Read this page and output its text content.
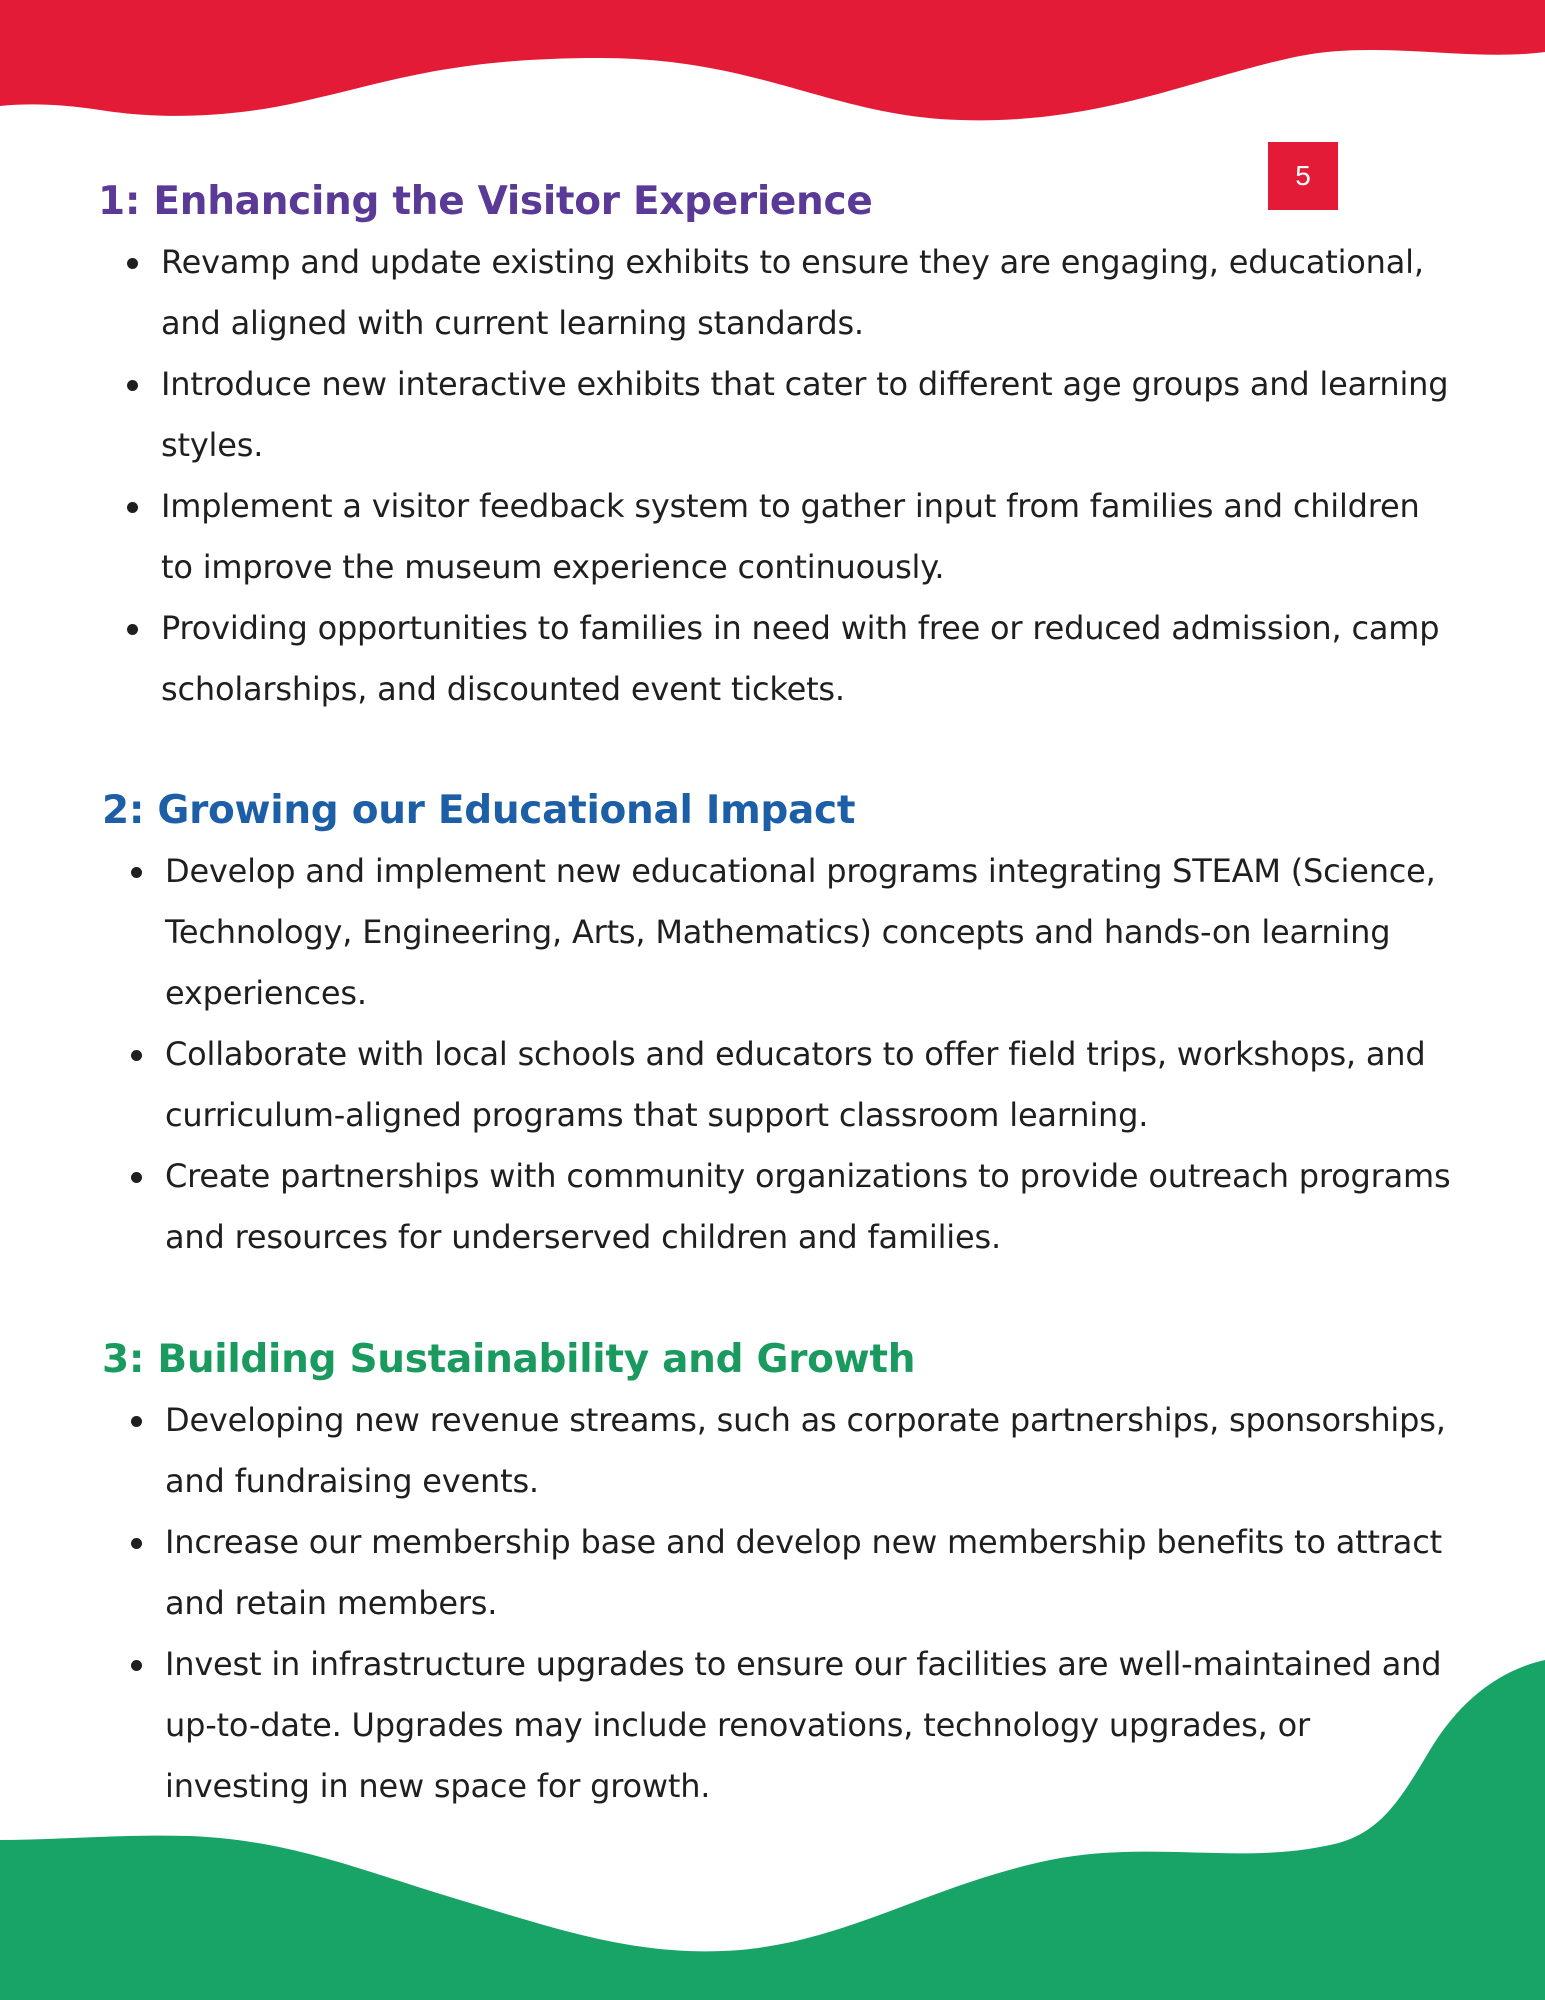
5
1: Enhancing the Visitor Experience
Revamp and update existing exhibits to ensure they are engaging, educational, and aligned with current learning standards.
Introduce new interactive exhibits that cater to different age groups and learning styles.
Implement a visitor feedback system to gather input from families and children to improve the museum experience continuously.
Providing opportunities to families in need with free or reduced admission, camp scholarships, and discounted event tickets.
2: Growing our Educational Impact
Develop and implement new educational programs integrating STEAM (Science, Technology, Engineering, Arts, Mathematics) concepts and hands-on learning experiences.
Collaborate with local schools and educators to offer field trips, workshops, and curriculum-aligned programs that support classroom learning.
Create partnerships with community organizations to provide outreach programs and resources for underserved children and families.
3: Building Sustainability and Growth
Developing new revenue streams, such as corporate partnerships, sponsorships, and fundraising events.
Increase our membership base and develop new membership benefits to attract and retain members.
Invest in infrastructure upgrades to ensure our facilities are well-maintained and up-to-date. Upgrades may include renovations, technology upgrades, or investing in new space for growth.
